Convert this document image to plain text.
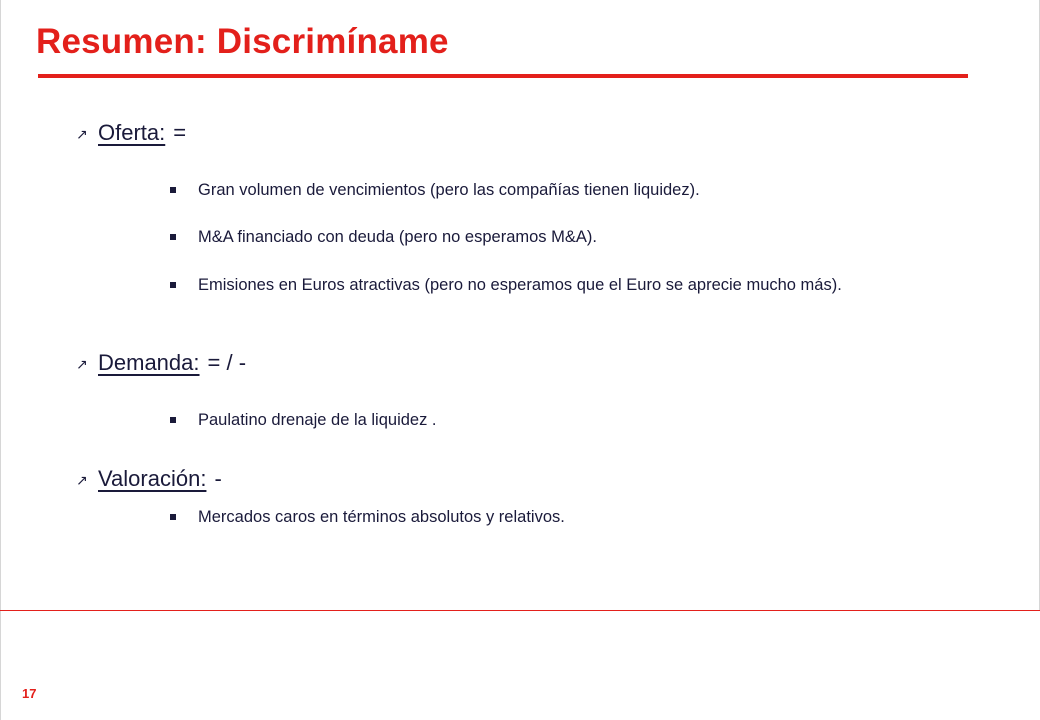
Resumen: Discrimíname
↗ Oferta: =
Gran volumen de vencimientos (pero las compañías tienen liquidez).
M&A financiado con deuda (pero no esperamos M&A).
Emisiones en Euros atractivas (pero no esperamos que el Euro se aprecie mucho más).
↗ Demanda: = / -
Paulatino drenaje de la liquidez .
↗ Valoración: -
Mercados caros en términos absolutos y relativos.
17
